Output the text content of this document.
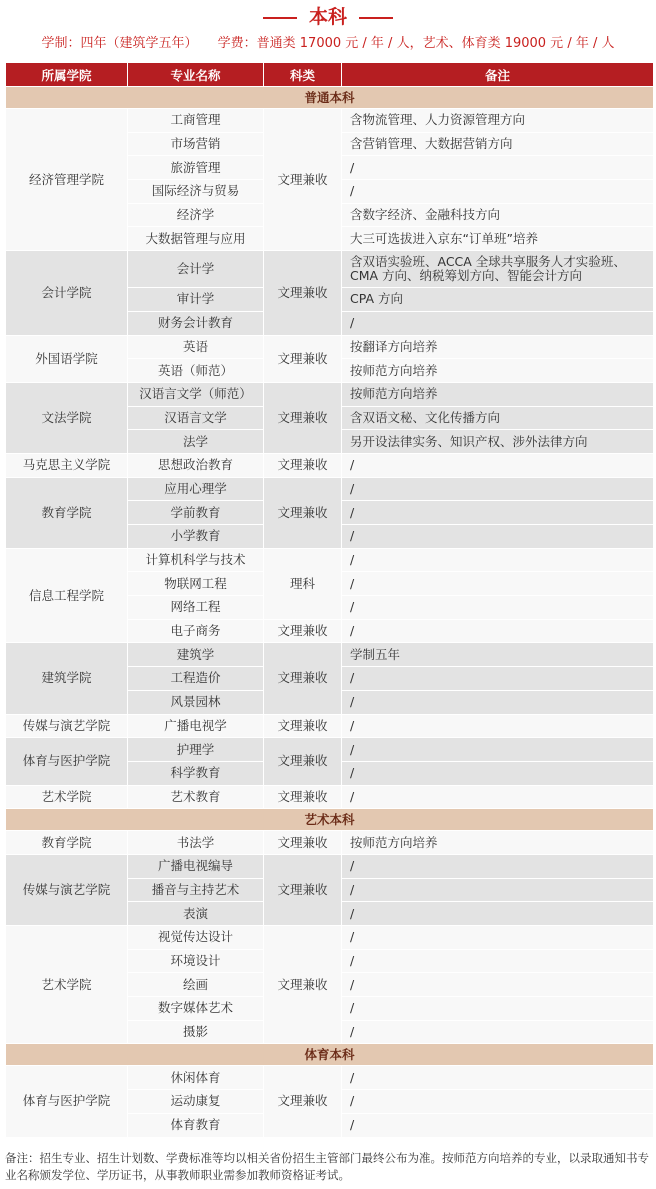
本科
学制：四年（建筑学五年） 学费：普通类 17000 元 / 年 / 人，艺术、体育类 19000 元 / 年 / 人
所属学院	专业名称	科类	备注
普通本科			
经济管理学院	工商管理	文理兼收	含物流管理、人力资源管理方向
	市场营销		含营销管理、大数据营销方向
	旅游管理		/
	国际经济与贸易		/
	经济学		含数字经济、金融科技方向
	大数据管理与应用		大三可选拔进入京东“订单班”培养
会计学院	会计学	文理兼收	含双语实验班、ACCA 全球共享服务人才实验班、CMA 方向、纳税筹划方向、智能会计方向
	审计学		CPA 方向
	财务会计教育		/
外国语学院	英语	文理兼收	按翻译方向培养
	英语（师范）		按师范方向培养
文法学院	汉语言文学（师范）	文理兼收	按师范方向培养
	汉语言文学		含双语文秘、文化传播方向
	法学		另开设法律实务、知识产权、涉外法律方向
马克思主义学院	思想政治教育	文理兼收	/
教育学院	应用心理学	文理兼收	/
	学前教育		/
	小学教育		/
信息工程学院	计算机科学与技术	理科	/
	物联网工程		/
	网络工程		/
	电子商务	文理兼收	/
建筑学院	建筑学	文理兼收	学制五年
	工程造价		/
	风景园林		/
传媒与演艺学院	广播电视学	文理兼收	/
体育与医护学院	护理学	文理兼收	/
	科学教育		/
艺术学院	艺术教育	文理兼收	/
艺术本科			
教育学院	书法学	文理兼收	按师范方向培养
传媒与演艺学院	广播电视编导	文理兼收	/
	播音与主持艺术		/
	表演		/
艺术学院	视觉传达设计	文理兼收	/
	环境设计		/
	绘画		/
	数字媒体艺术		/
	摄影		/
体育本科			
体育与医护学院	休闲体育	文理兼收	/
	运动康复		/
	体育教育		/
备注：招生专业、招生计划数、学费标准等均以相关省份招生主管部门最终公布为准。按师范方向培养的专业，以录取通知书专业名称颁发学位、学历证书，从事教师职业需参加教师资格证考试。
